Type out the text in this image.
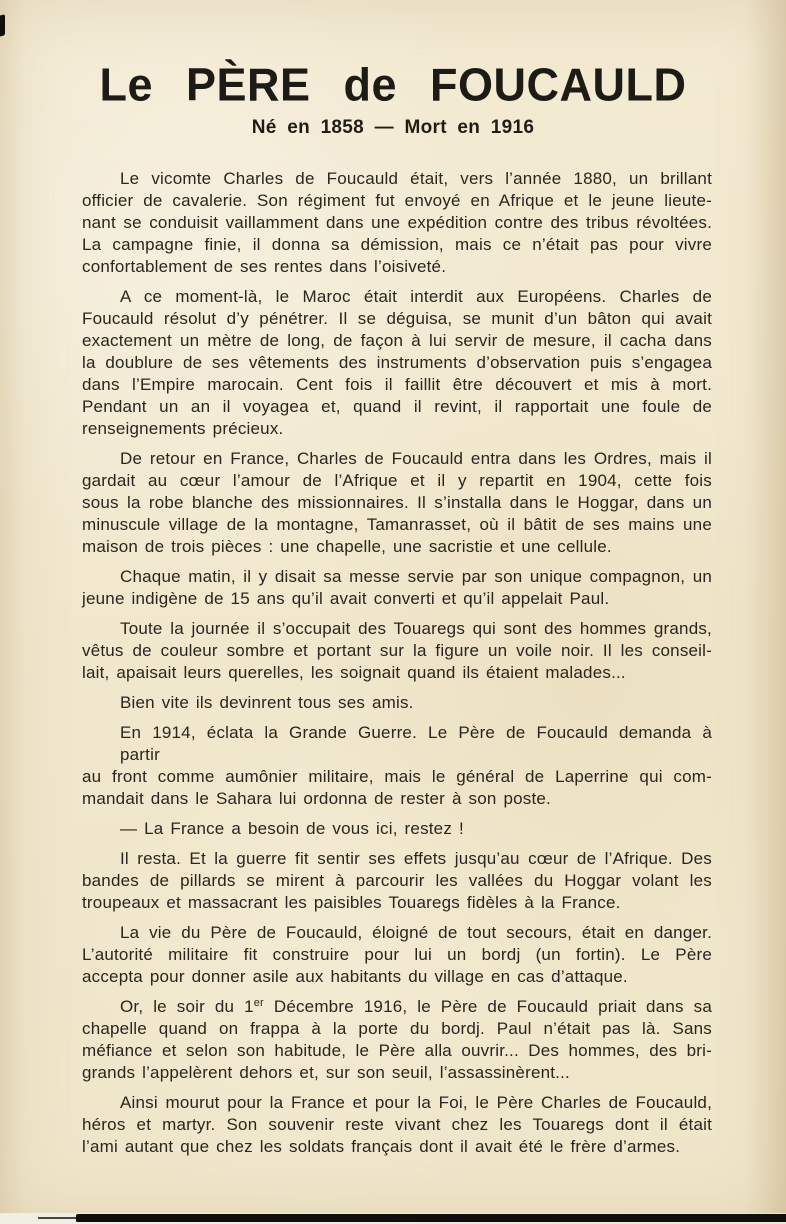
Le PÈRE de FOUCAULD
Né en 1858 — Mort en 1916
Le vicomte Charles de Foucauld était, vers l’année 1880, un brillant
officier de cavalerie. Son régiment fut envoyé en Afrique et le jeune lieute-
nant se conduisit vaillamment dans une expédition contre des tribus révoltées.
La campagne finie, il donna sa démission, mais ce n’était pas pour vivre
confortablement de ses rentes dans l’oisiveté.
A ce moment-là, le Maroc était interdit aux Européens. Charles de
Foucauld résolut d’y pénétrer. Il se déguisa, se munit d’un bâton qui avait
exactement un mètre de long, de façon à lui servir de mesure, il cacha dans
la doublure de ses vêtements des instruments d’observation puis s’engagea
dans l’Empire marocain. Cent fois il faillit être découvert et mis à mort.
Pendant un an il voyagea et, quand il revint, il rapportait une foule de
renseignements précieux.
De retour en France, Charles de Foucauld entra dans les Ordres, mais il
gardait au cœur l’amour de l’Afrique et il y repartit en 1904, cette fois
sous la robe blanche des missionnaires. Il s’installa dans le Hoggar, dans un
minuscule village de la montagne, Tamanrasset, où il bâtit de ses mains une
maison de trois pièces : une chapelle, une sacristie et une cellule.
Chaque matin, il y disait sa messe servie par son unique compagnon, un
jeune indigène de 15 ans qu’il avait converti et qu’il appelait Paul.
Toute la journée il s’occupait des Touaregs qui sont des hommes grands,
vêtus de couleur sombre et portant sur la figure un voile noir. Il les conseil-
lait, apaisait leurs querelles, les soignait quand ils étaient malades...
Bien vite ils devinrent tous ses amis.
En 1914, éclata la Grande Guerre. Le Père de Foucauld demanda à partir
au front comme aumônier militaire, mais le général de Laperrine qui com-
mandait dans le Sahara lui ordonna de rester à son poste.
— La France a besoin de vous ici, restez !
Il resta. Et la guerre fit sentir ses effets jusqu’au cœur de l’Afrique. Des
bandes de pillards se mirent à parcourir les vallées du Hoggar volant les
troupeaux et massacrant les paisibles Touaregs fidèles à la France.
La vie du Père de Foucauld, éloigné de tout secours, était en danger.
L’autorité militaire fit construire pour lui un bordj (un fortin). Le Père
accepta pour donner asile aux habitants du village en cas d’attaque.
Or, le soir du 1er Décembre 1916, le Père de Foucauld priait dans sa
chapelle quand on frappa à la porte du bordj. Paul n’était pas là. Sans
méfiance et selon son habitude, le Père alla ouvrir... Des hommes, des bri-
grands l’appelèrent dehors et, sur son seuil, l’assassinèrent...
Ainsi mourut pour la France et pour la Foi, le Père Charles de Foucauld,
héros et martyr. Son souvenir reste vivant chez les Touaregs dont il était
l’ami autant que chez les soldats français dont il avait été le frère d’armes.
